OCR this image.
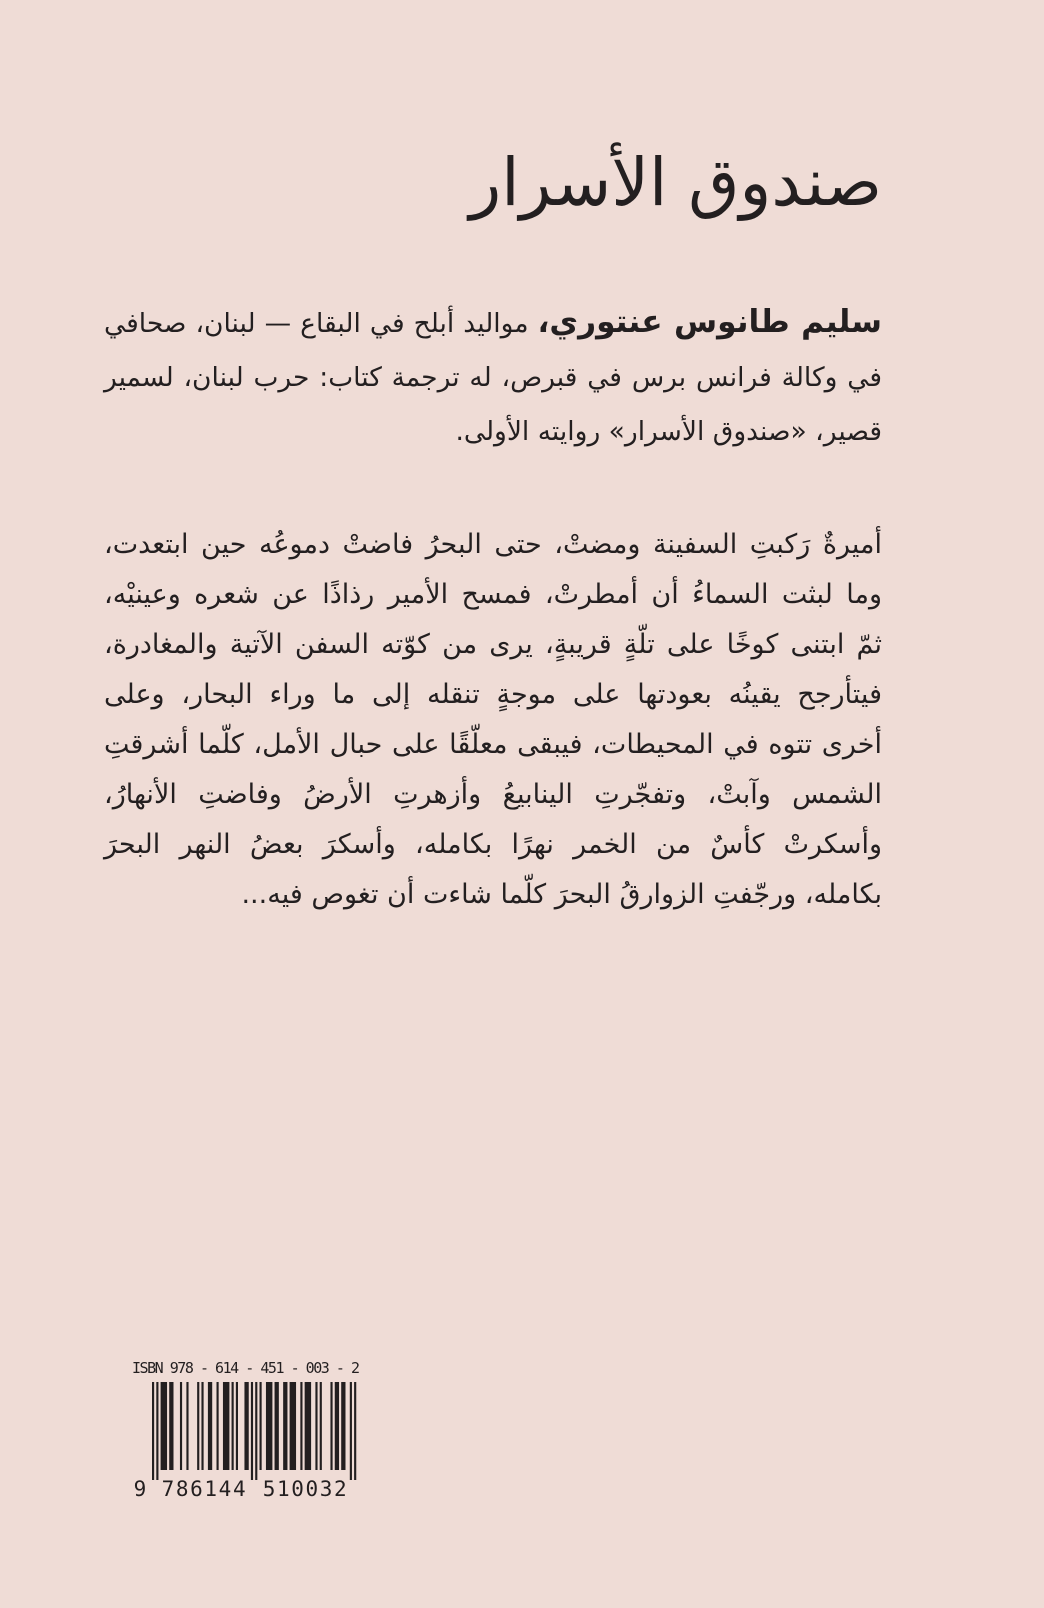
صندوق الأسرار
سليم طانوس عنتوري، مواليد أبلح في البقاع — لبنان، صحافي
في وكالة فرانس برس في قبرص، له ترجمة كتاب: حرب لبنان، لسمير
قصير، «صندوق الأسرار» روايته الأولى.
أميرةٌ رَكبتِ السفينة ومضتْ، حتى البحرُ فاضتْ دموعُه حين ابتعدت،
وما لبثت السماءُ أن أمطرتْ، فمسح الأمير رذاذًا عن شعره وعينيْه،
ثمّ ابتنى كوخًا على تلّةٍ قريبةٍ، يرى من كوّته السفن الآتية والمغادرة،
فيتأرجح يقينُه بعودتها على موجةٍ تنقله إلى ما وراء البحار، وعلى
أخرى تتوه في المحيطات، فيبقى معلّقًا على حبال الأمل، كلّما أشرقتِ
الشمس وآبتْ، وتفجّرتِ الينابيعُ وأزهرتِ الأرضُ وفاضتِ الأنهارُ،
وأسكرتْ كأسٌ من الخمر نهرًا بكامله، وأسكرَ بعضُ النهر البحرَ
بكامله، ورجّفتِ الزوارقُ البحرَ كلّما شاءت أن تغوص فيه...
ISBN 978 - 614 - 451 - 003 - 2
9 786144 510032
